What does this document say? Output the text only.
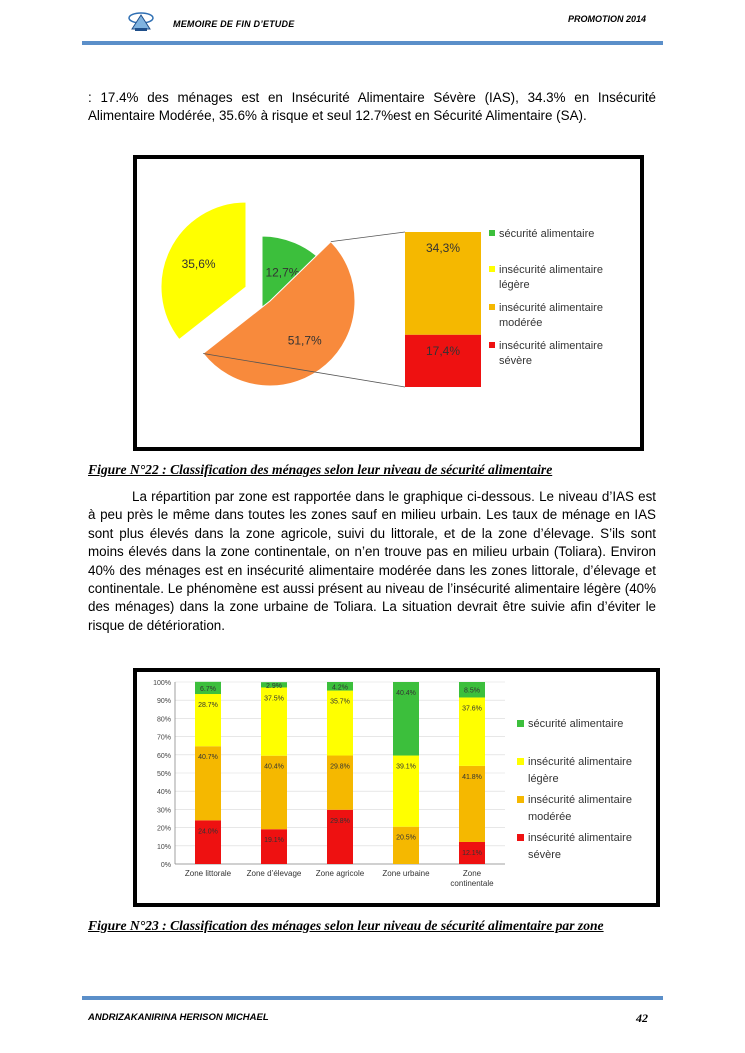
MEMOIRE DE FIN D’ETUDE	PROMOTION 2014
: 17.4% des ménages est en Insécurité Alimentaire Sévère (IAS), 34.3% en Insécurité Alimentaire Modérée, 35.6% à risque et seul 12.7%est en Sécurité Alimentaire (SA).
35,6%
12,7%
51,7%
34,3%
17,4%
sécurité alimentaire
insécurité alimentaire légère
insécurité alimentaire modérée
insécurité alimentaire sévère
Figure N°22 : Classification des ménages selon leur niveau de sécurité alimentaire
La répartition par zone est rapportée dans le graphique ci-dessous. Le niveau d’IAS est à peu près le même dans toutes les zones sauf en milieu urbain. Les taux de ménage en IAS sont plus élevés dans la zone agricole, suivi du littorale, et de la zone d’élevage. S’ils sont moins élevés dans la zone continentale, on n’en trouve pas en milieu urbain (Toliara). Environ 40% des ménages est en insécurité alimentaire modérée dans les zones littorale, d’élevage et continentale. Le phénomène est aussi présent au niveau de l’insécurité alimentaire légère (40% des ménages) dans la zone urbaine de Toliara. La situation devrait être suivie afin d’éviter le risque de détérioration.
0%
10%
20%
30%
40%
50%
60%
70%
80%
90%
100%
24.0%
40.7%
28.7%
6.7%
Zone littorale
19.1%
40.4%
37.5%
2.9%
Zone d’élevage
29.8%
29.8%
35.7%
4.2%
Zone agricole
20.5%
39.1%
40.4%
Zone urbaine
12.1%
41.8%
37.6%
8.5%
Zone continentale
sécurité alimentaire
insécurité alimentaire légère
insécurité alimentaire modérée
insécurité alimentaire sévère
Figure N°23 : Classification des ménages selon leur niveau de sécurité alimentaire par zone
ANDRIZAKANIRINA HERISON MICHAEL	42
